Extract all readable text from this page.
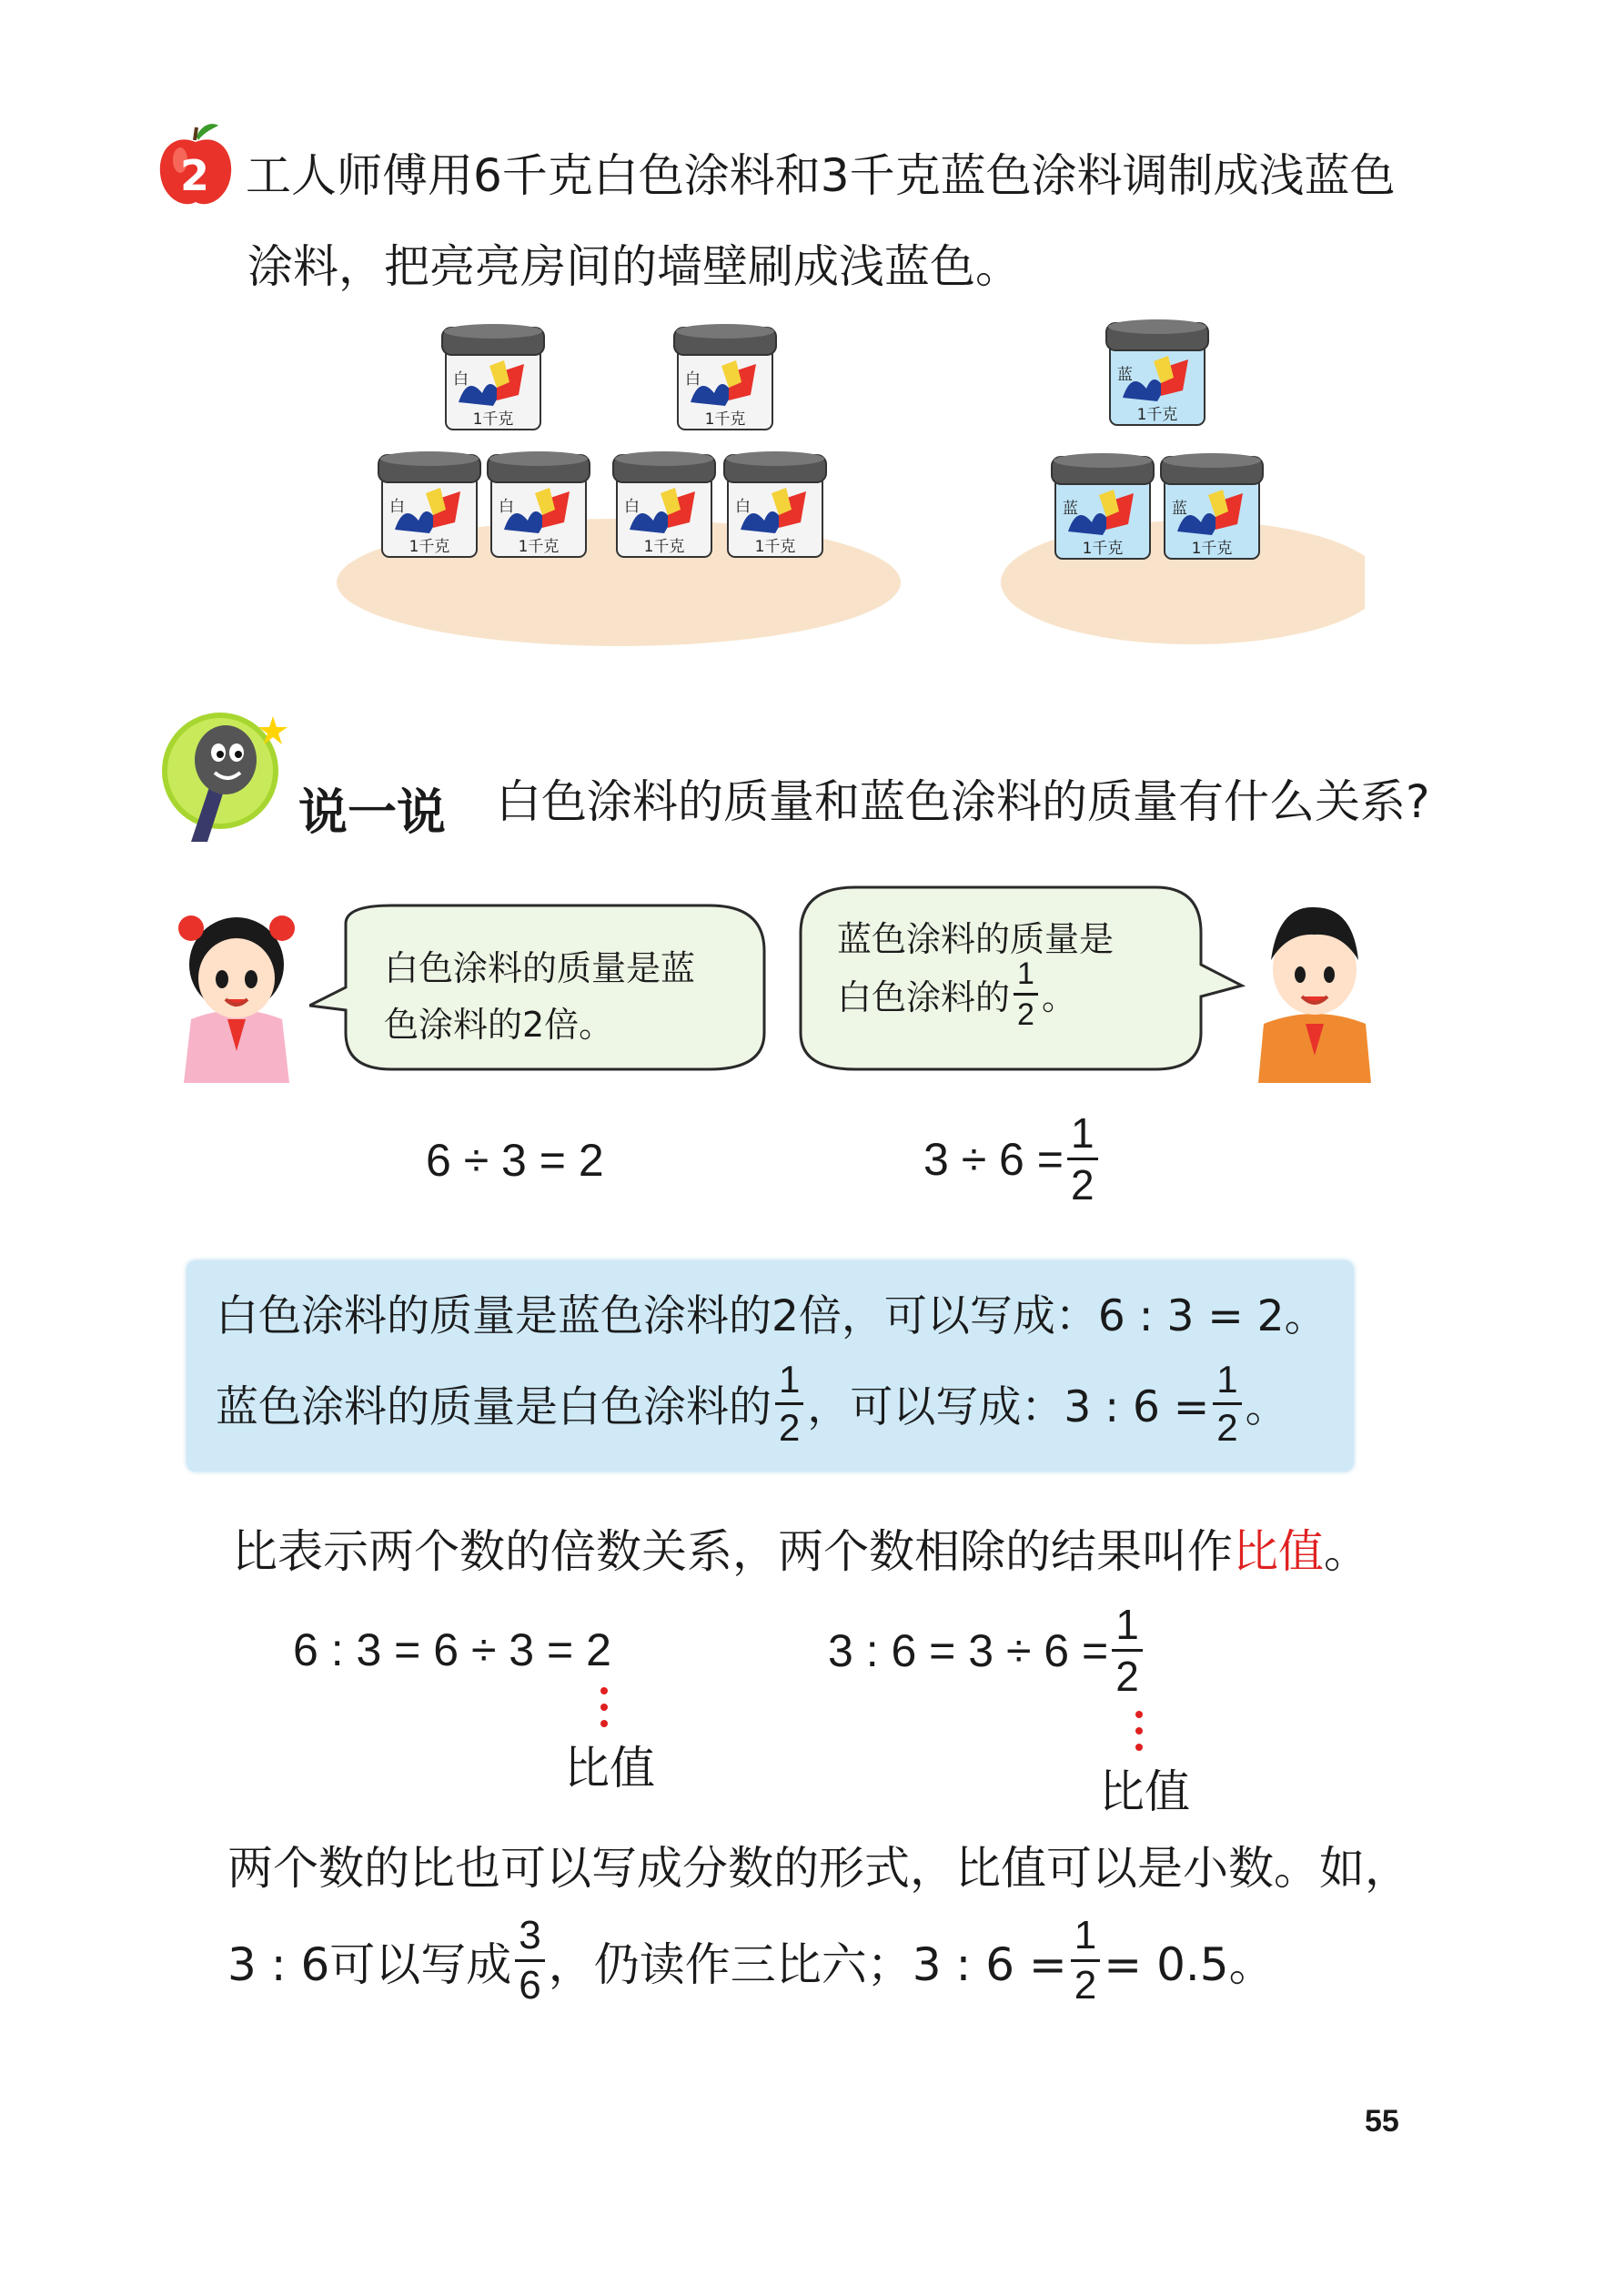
2 工人师傅用6千克白色涂料和3千克蓝色涂料调制成浅蓝色
涂料，把亮亮房间的墙壁刷成浅蓝色。
白
1千克
白
1千克
白
1千克
白
1千克
白
1千克
白
1千克
蓝
1千克
蓝
1千克
蓝
1千克
说一说 白色涂料的质量和蓝色涂料的质量有什么关系?
白色涂料的质量是蓝
色涂料的2倍。
蓝色涂料的质量是
白色涂料的 $\frac{1}{2}$ 。
6 ÷ 3 = 2	$3 \div 6 = \frac{1}{2}$
白色涂料的质量是蓝色涂料的2倍，可以写成：6 : 3 = 2。
蓝色涂料的质量是白色涂料的 $\frac{1}{2}$ ，可以写成：3 : $6 = \frac{1}{2}$ 。
比表示两个数的倍数关系，两个数相除的结果叫作比值。
6 : 3 = 6 ÷ 3 = 2
比值
3 : $6 = 3 \div 6 = \frac{1}{2}$
比值
两个数的比也可以写成分数的形式，比值可以是小数。如，
3 : 6可以写成 $\frac{3}{6}$ ，仍读作三比六；3 : $6 = \frac{1}{2} = 0.5$。
55
